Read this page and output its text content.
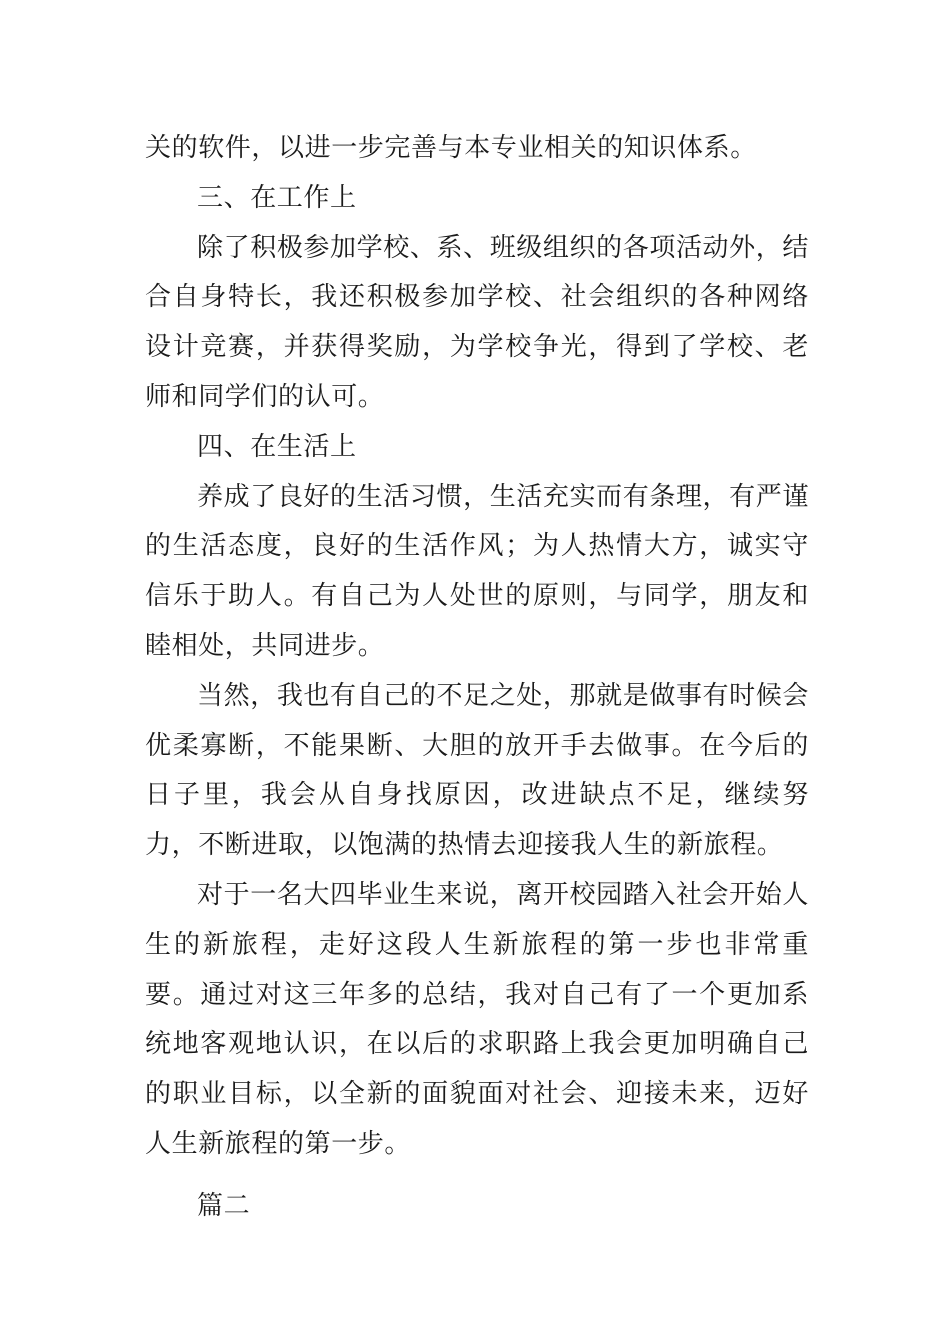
关的软件，以进一步完善与本专业相关的知识体系。

三、在工作上

除了积极参加学校、系、班级组织的各项活动外，结合自身特长，我还积极参加学校、社会组织的各种网络设计竞赛，并获得奖励，为学校争光，得到了学校、老师和同学们的认可。

四、在生活上

养成了良好的生活习惯，生活充实而有条理，有严谨的生活态度，良好的生活作风；为人热情大方，诚实守信乐于助人。有自己为人处世的原则，与同学，朋友和睦相处，共同进步。

当然，我也有自己的不足之处，那就是做事有时候会优柔寡断，不能果断、大胆的放开手去做事。在今后的日子里，我会从自身找原因，改进缺点不足，继续努力，不断进取，以饱满的热情去迎接我人生的新旅程。

对于一名大四毕业生来说，离开校园踏入社会开始人生的新旅程，走好这段人生新旅程的第一步也非常重要。通过对这三年多的总结，我对自己有了一个更加系统地客观地认识，在以后的求职路上我会更加明确自己的职业目标，以全新的面貌面对社会、迎接未来，迈好人生新旅程的第一步。

篇二
